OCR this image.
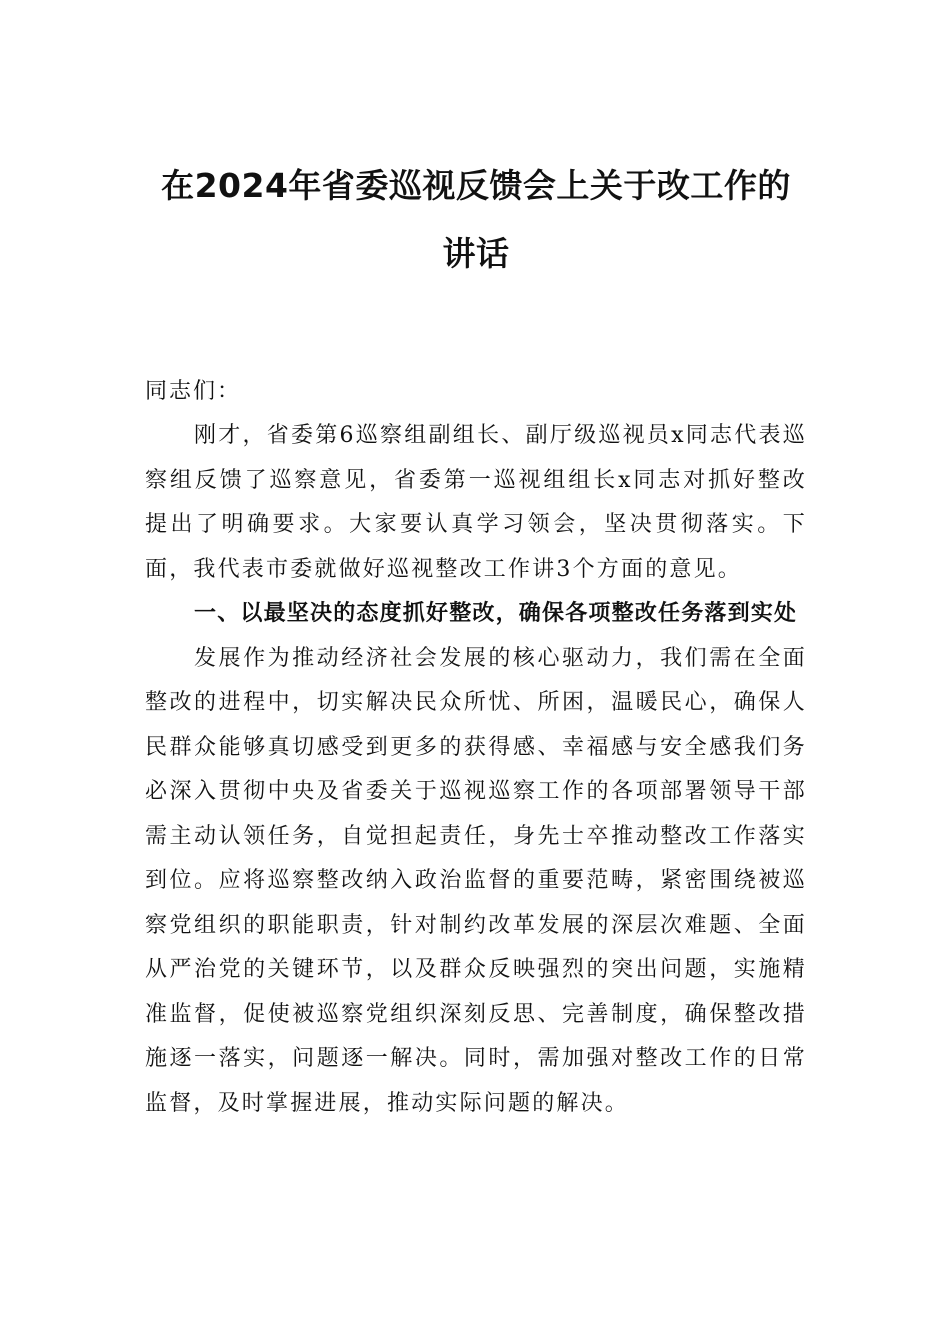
在2024年省委巡视反馈会上关于改工作的
讲话
同志们：

刚才，省委第6巡察组副组长、副厅级巡视员x同志代表巡察组反馈了巡察意见，省委第一巡视组组长x同志对抓好整改提出了明确要求。大家要认真学习领会，坚决贯彻落实。下面，我代表市委就做好巡视整改工作讲3个方面的意见。

一、以最坚决的态度抓好整改，确保各项整改任务落到实处

发展作为推动经济社会发展的核心驱动力，我们需在全面整改的进程中，切实解决民众所忧、所困，温暖民心，确保人民群众能够真切感受到更多的获得感、幸福感与安全感我们务必深入贯彻中央及省委关于巡视巡察工作的各项部署领导干部需主动认领任务，自觉担起责任，身先士卒推动整改工作落实到位。应将巡察整改纳入政治监督的重要范畴，紧密围绕被巡察党组织的职能职责，针对制约改革发展的深层次难题、全面从严治党的关键环节，以及群众反映强烈的突出问题，实施精准监督，促使被巡察党组织深刻反思、完善制度，确保整改措施逐一落实，问题逐一解决。同时，需加强对整改工作的日常监督，及时掌握进展，推动实际问题的解决。
